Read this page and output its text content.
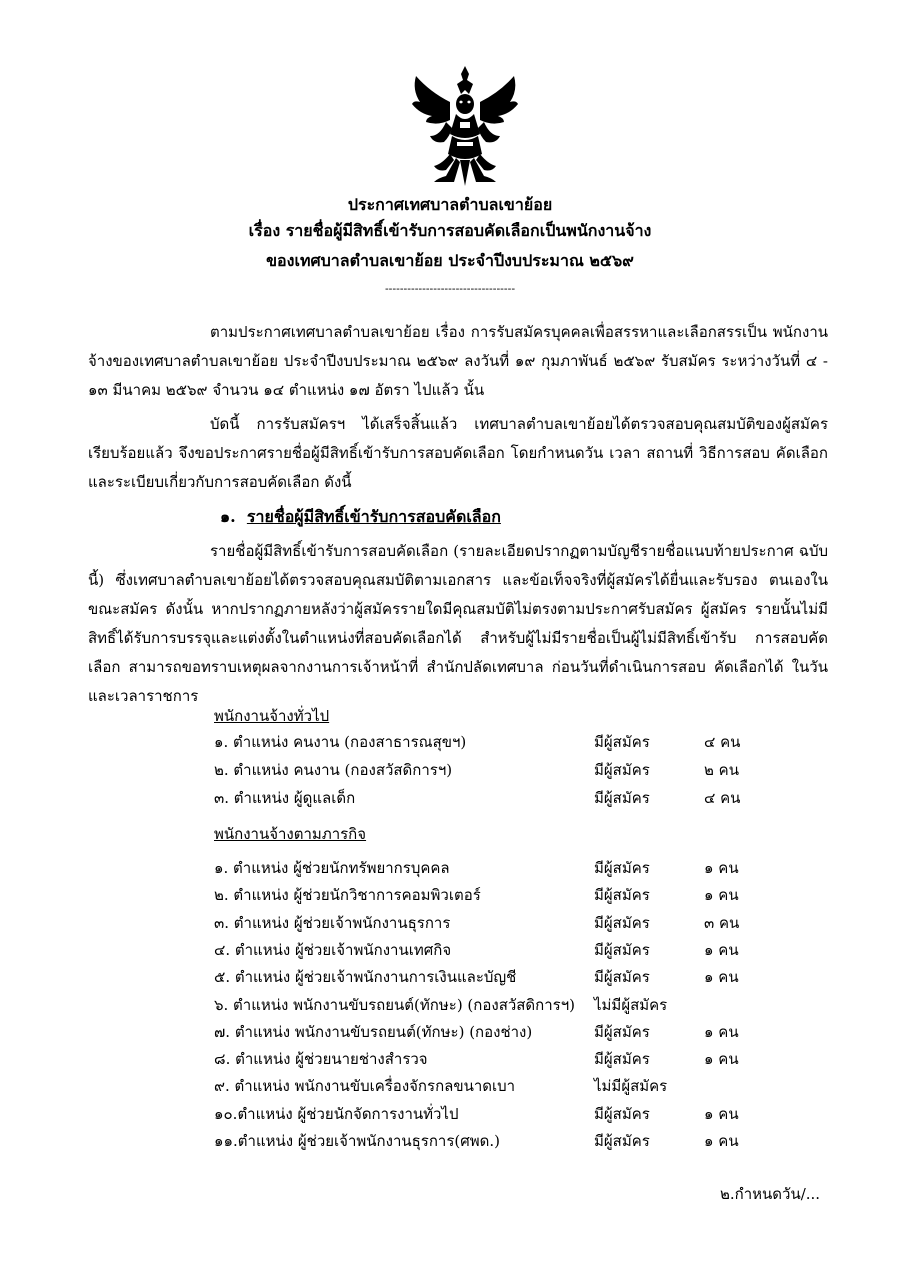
ประกาศเทศบาลตำบลเขาย้อย
เรื่อง รายชื่อผู้มีสิทธิ์เข้ารับการสอบคัดเลือกเป็นพนักงานจ้าง
ของเทศบาลตำบลเขาย้อย ประจำปีงบประมาณ ๒๕๖๙
-----------------------------------
ตามประกาศเทศบาลตำบลเขาย้อย เรื่อง การรับสมัครบุคคลเพื่อสรรหาและเลือกสรรเป็น พนักงานจ้างของเทศบาลตำบลเขาย้อย ประจำปีงบประมาณ ๒๕๖๙ ลงวันที่ ๑๙ กุมภาพันธ์ ๒๕๖๙ รับสมัคร ระหว่างวันที่ ๔ - ๑๓ มีนาคม ๒๕๖๙ จำนวน ๑๔ ตำแหน่ง ๑๗ อัตรา ไปแล้ว นั้น
บัดนี้ การรับสมัครฯ ได้เสร็จสิ้นแล้ว เทศบาลตำบลเขาย้อยได้ตรวจสอบคุณสมบัติของผู้สมัคร เรียบร้อยแล้ว จึงขอประกาศรายชื่อผู้มีสิทธิ์เข้ารับการสอบคัดเลือก โดยกำหนดวัน เวลา สถานที่ วิธีการสอบ คัดเลือก และระเบียบเกี่ยวกับการสอบคัดเลือก ดังนี้
๑. รายชื่อผู้มีสิทธิ์เข้ารับการสอบคัดเลือก
รายชื่อผู้มีสิทธิ์เข้ารับการสอบคัดเลือก (รายละเอียดปรากฏตามบัญชีรายชื่อแนบท้ายประกาศ ฉบับนี้) ซึ่งเทศบาลตำบลเขาย้อยได้ตรวจสอบคุณสมบัติตามเอกสาร และข้อเท็จจริงที่ผู้สมัครได้ยื่นและรับรอง ตนเองในขณะสมัคร ดังนั้น หากปรากฏภายหลังว่าผู้สมัครรายใดมีคุณสมบัติไม่ตรงตามประกาศรับสมัคร ผู้สมัคร รายนั้นไม่มีสิทธิ์ได้รับการบรรจุและแต่งตั้งในตำแหน่งที่สอบคัดเลือกได้ สำหรับผู้ไม่มีรายชื่อเป็นผู้ไม่มีสิทธิ์เข้ารับ การสอบคัดเลือก สามารถขอทราบเหตุผลจากงานการเจ้าหน้าที่ สำนักปลัดเทศบาล ก่อนวันที่ดำเนินการสอบ คัดเลือกได้ ในวัน และเวลาราชการ
พนักงานจ้างทั่วไป
๑. ตำแหน่ง คนงาน (กองสาธารณสุขฯ)	มีผู้สมัคร	๔ คน
๒. ตำแหน่ง คนงาน (กองสวัสดิการฯ)	มีผู้สมัคร	๒ คน
๓. ตำแหน่ง ผู้ดูแลเด็ก	มีผู้สมัคร	๔ คน
พนักงานจ้างตามภารกิจ
๑. ตำแหน่ง ผู้ช่วยนักทรัพยากรบุคคล	มีผู้สมัคร	๑ คน
๒. ตำแหน่ง ผู้ช่วยนักวิชาการคอมพิวเตอร์	มีผู้สมัคร	๑ คน
๓. ตำแหน่ง ผู้ช่วยเจ้าพนักงานธุรการ	มีผู้สมัคร	๓ คน
๔. ตำแหน่ง ผู้ช่วยเจ้าพนักงานเทศกิจ	มีผู้สมัคร	๑ คน
๕. ตำแหน่ง ผู้ช่วยเจ้าพนักงานการเงินและบัญชี	มีผู้สมัคร	๑ คน
๖. ตำแหน่ง พนักงานขับรถยนต์(ทักษะ) (กองสวัสดิการฯ) ไม่มีผู้สมัคร
๗. ตำแหน่ง พนักงานขับรถยนต์(ทักษะ) (กองช่าง)	มีผู้สมัคร	๑ คน
๘. ตำแหน่ง ผู้ช่วยนายช่างสำรวจ	มีผู้สมัคร	๑ คน
๙. ตำแหน่ง พนักงานขับเครื่องจักรกลขนาดเบา	ไม่มีผู้สมัคร
๑๐.ตำแหน่ง ผู้ช่วยนักจัดการงานทั่วไป	มีผู้สมัคร	๑ คน
๑๑.ตำแหน่ง ผู้ช่วยเจ้าพนักงานธุรการ(ศพด.)	มีผู้สมัคร	๑ คน
๒.กำหนดวัน/...
